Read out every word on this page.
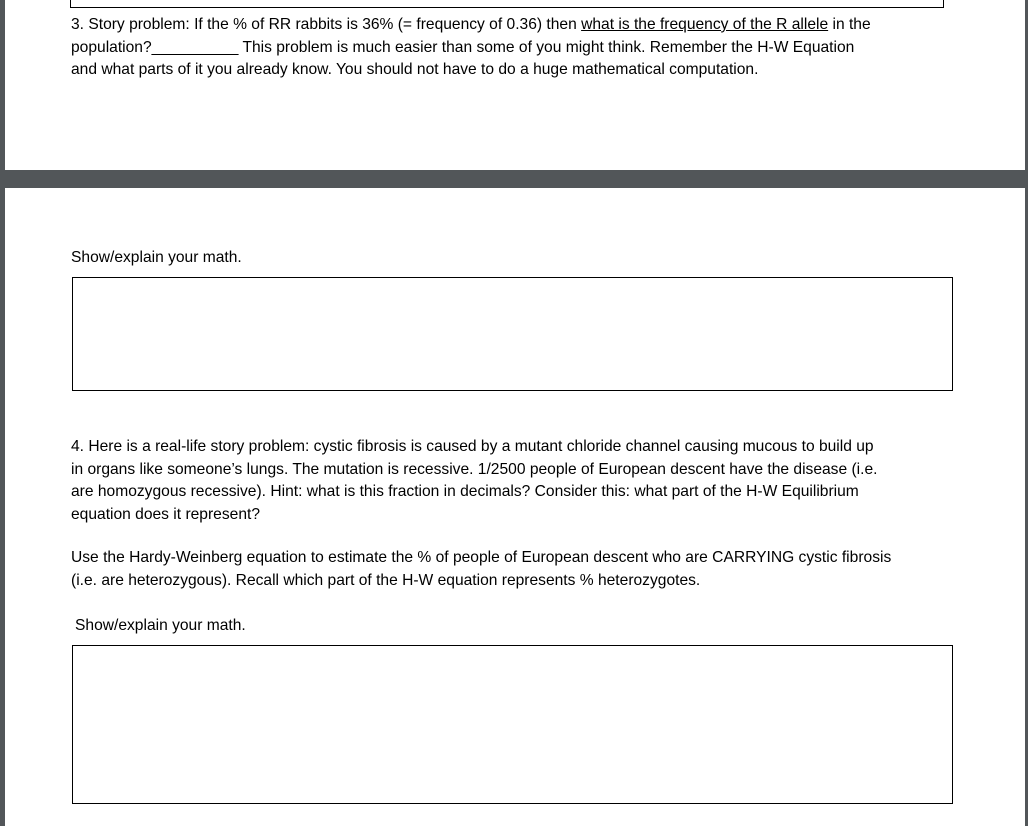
3. Story problem: If the % of RR rabbits is 36% (= frequency of 0.36) then what is the frequency of the R allele in the
population?__________ This problem is much easier than some of you might think. Remember the H-W Equation
and what parts of it you already know. You should not have to do a huge mathematical computation.

Show/explain your math.

4. Here is a real-life story problem: cystic fibrosis is caused by a mutant chloride channel causing mucous to build up
in organs like someone’s lungs. The mutation is recessive. 1/2500 people of European descent have the disease (i.e.
are homozygous recessive). Hint: what is this fraction in decimals? Consider this: what part of the H-W Equilibrium
equation does it represent?

Use the Hardy-Weinberg equation to estimate the % of people of European descent who are CARRYING cystic fibrosis
(i.e. are heterozygous). Recall which part of the H-W equation represents % heterozygotes.

Show/explain your math.
